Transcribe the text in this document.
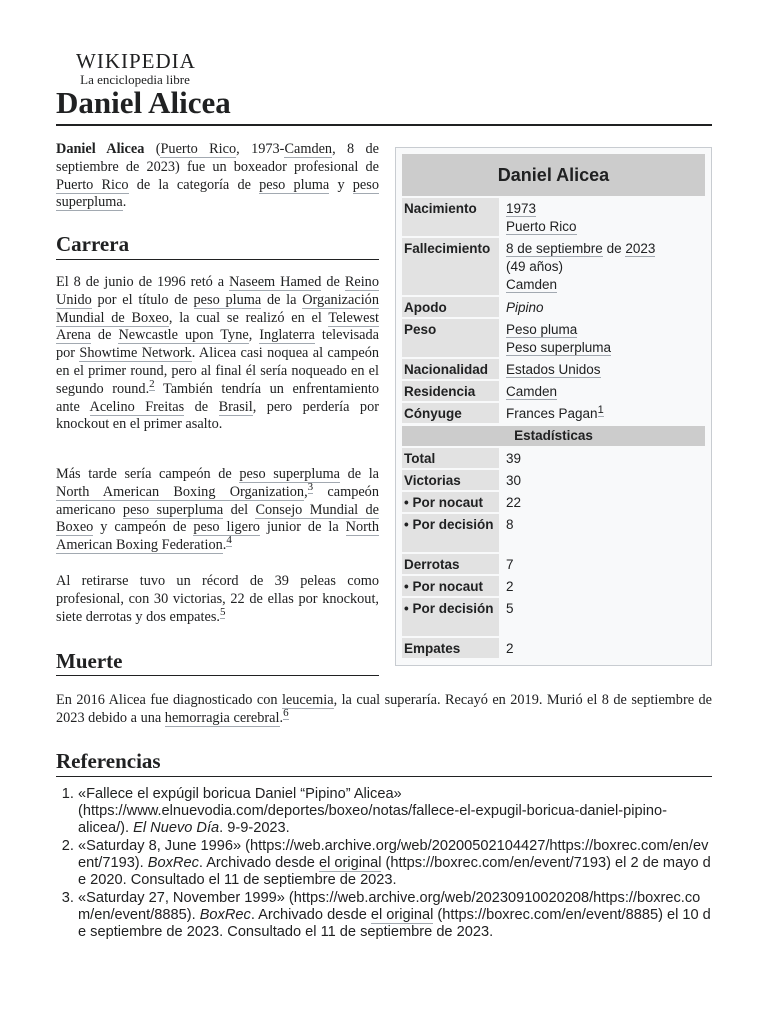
WIKIPEDIA
La enciclopedia libre
Daniel Alicea

Daniel Alicea (Puerto Rico, 1973-Camden, 8 de septiembre de 2023) fue un boxeador profesional de Puerto Rico de la categoría de peso pluma y peso superpluma.

Carrera

El 8 de junio de 1996 retó a Naseem Hamed de Reino Unido por el título de peso pluma de la Organización Mundial de Boxeo, la cual se realizó en el Telewest Arena de Newcastle upon Tyne, Inglaterra televisada por Showtime Network. Alicea casi noquea al campeón en el primer round, pero al final él sería noqueado en el segundo round.$^2$ También tendría un enfrentamiento ante Acelino Freitas de Brasil, pero perdería por knockout en el primer asalto.

Más tarde sería campeón de peso superpluma de la North American Boxing Organization,$^3$ campeón americano peso superpluma del Consejo Mundial de Boxeo y campeón de peso ligero junior de la North American Boxing Federation.$^4$

Al retirarse tuvo un récord de 39 peleas como profesional, con 30 victorias, 22 de ellas por knockout, siete derrotas y dos empates.$^5$

Muerte

En 2016 Alicea fue diagnosticado con leucemia, la cual superaría. Recayó en 2019. Murió el 8 de septiembre de 2023 debido a una hemorragia cerebral.$^6$

Daniel Alicea
Nacimiento	1973
Puerto Rico
Fallecimiento	8 de septiembre de 2023
(49 años)
Camden
Apodo	Pipino
Peso	Peso pluma
Peso superpluma
Nacionalidad	Estados Unidos
Residencia	Camden
Cónyuge	Frances Pagan$^1$
Estadísticas
Total	39
Victorias	30
• Por nocaut	22
• Por decisión 8
Derrotas	7
• Por nocaut	2
• Por decisión 5
Empates	2
Referencias
1. «Fallece el expúgil boricua Daniel “Pipino” Alicea» (https://www.elnuevodia.com/deportes/boxeo/notas/fallece-el-expugil-boricua-daniel-pipino-alicea/). El Nuevo Día. 9-9-2023.
2. «Saturday 8, June 1996» (https://web.archive.org/web/20200502104427/https://boxrec.com/en/event/7193). BoxRec. Archivado desde el original (https://boxrec.com/en/event/7193) el 2 de mayo de 2020. Consultado el 11 de septiembre de 2023.
3. «Saturday 27, November 1999» (https://web.archive.org/web/20230910020208/https://boxrec.com/en/event/8885). BoxRec. Archivado desde el original (https://boxrec.com/en/event/8885) el 10 de septiembre de 2023. Consultado el 11 de septiembre de 2023.
